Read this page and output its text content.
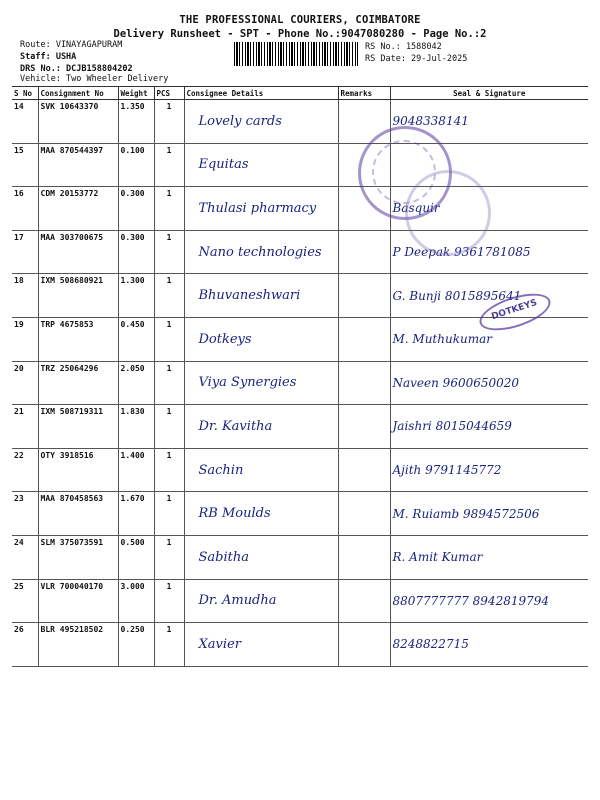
THE PROFESSIONAL COURIERS, COIMBATORE
Delivery Runsheet - SPT - Phone No.:9047080280 - Page No.:2
Route: VINAYAGAPURAM
Staff: USHA
DRS No.: DCJB158804202
Vehicle: Two Wheeler Delivery
RS No.: 1588042
RS Date: 29-Jul-2025
S No	Consignment No	Weight	PCS	Consignee Details	Remarks	Seal & Signature
14	SVK 10643370	1.350	1	Lovely cards		9048338141
15	MAA 870544397	0.100	1	Equitas		
16	CDM 20153772	0.300	1	Thulasi pharmacy		Basquir
17	MAA 303700675	0.300	1	Nano technologies		P Deepak 9361781085
18	IXM 508680921	1.300	1	Bhuvaneshwari		G. Bunji 8015895641
19	TRP 4675853	0.450	1	Dotkeys		M. Muthukumar
20	TRZ 25064296	2.050	1	Viya Synergies		Naveen 9600650020
21	IXM 508719311	1.830	1	Dr. Kavitha		Jaishri 8015044659
22	OTY 3918516	1.400	1	Sachin		Ajith 9791145772
23	MAA 870458563	1.670	1	RB Moulds		M. Ruiamb 9894572506
24	SLM 375073591	0.500	1	Sabitha		R. Amit Kumar
25	VLR 700040170	3.000	1	Dr. Amudha		8807777777 8942819794
26	BLR 495218502	0.250	1	Xavier		8248822715
DOTKEYS
